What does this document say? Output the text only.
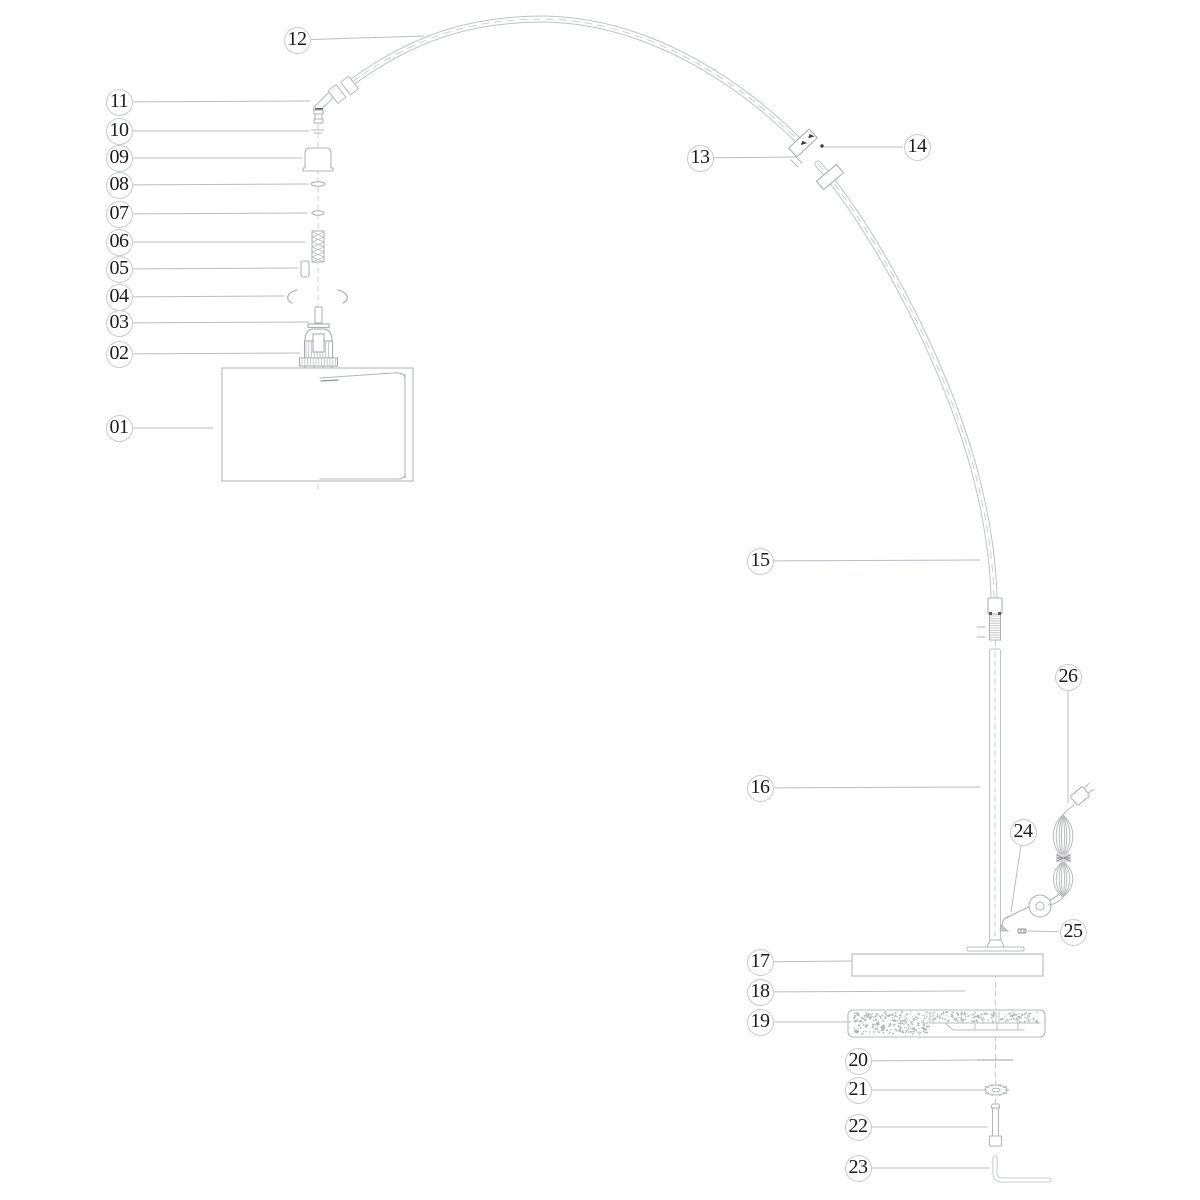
01
02
03
04
05
06
07
08
09
10
11
12
13	14
15
16
17
18
19
20
21
22
23
24
25
26
